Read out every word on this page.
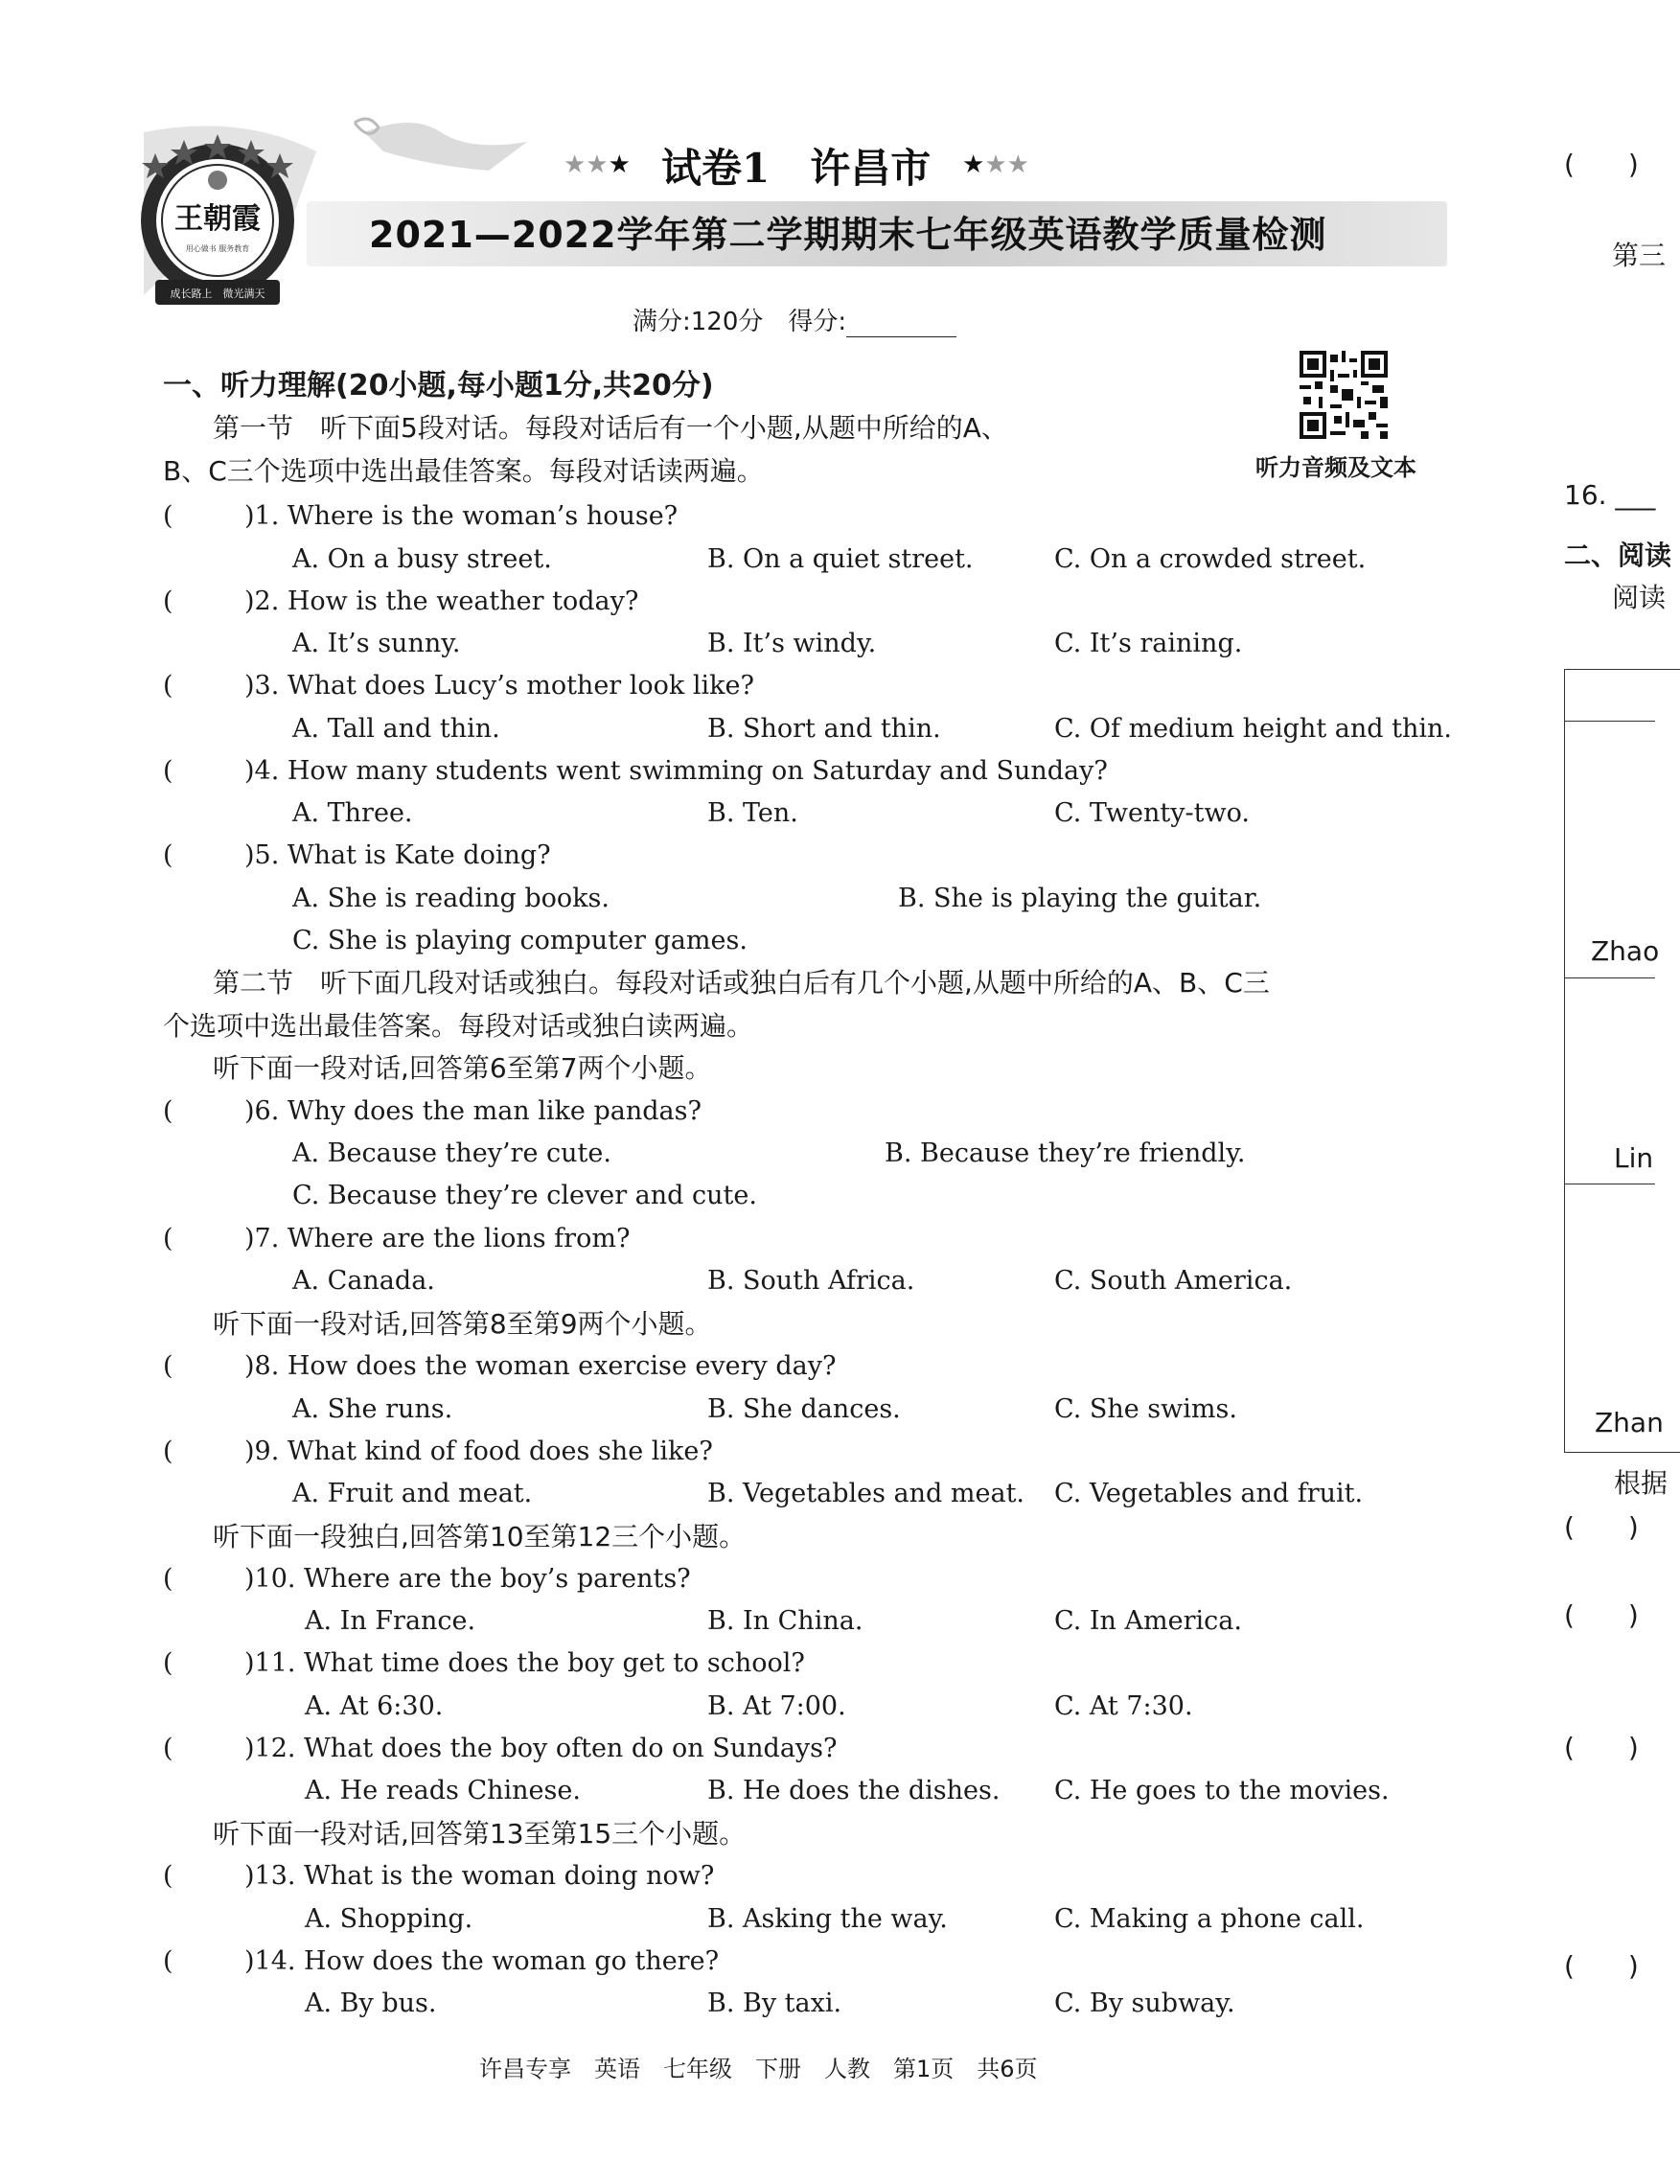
王朝霞
用心做书 服务教育
成长路上　微光满天
★★★ 试卷1　许昌市 ★★★
2021—2022学年第二学期期末七年级英语教学质量检测
满分:120分　得分:
听力音频及文本
一、听力理解(20小题,每小题1分,共20分)
第一节　听下面5段对话。每段对话后有一个小题,从题中所给的A、
B、C三个选项中选出最佳答案。每段对话读两遍。
(	)1. Where is the woman’s house?
A. On a busy street.	B. On a quiet street.	C. On a crowded street.
(	)2. How is the weather today?
A. It’s sunny.	B. It’s windy.	C. It’s raining.
(	)3. What does Lucy’s mother look like?
A. Tall and thin.	B. Short and thin.	C. Of medium height and thin.
(	)4. How many students went swimming on Saturday and Sunday?
A. Three.	B. Ten.	C. Twenty-two.
(	)5. What is Kate doing?
A. She is reading books.	B. She is playing the guitar.
C. She is playing computer games.
第二节　听下面几段对话或独白。每段对话或独白后有几个小题,从题中所给的A、B、C三
个选项中选出最佳答案。每段对话或独白读两遍。
听下面一段对话,回答第6至第7两个小题。
(	)6. Why does the man like pandas?
A. Because they’re cute.	B. Because they’re friendly.
C. Because they’re clever and cute.
(	)7. Where are the lions from?
A. Canada.	B. South Africa.	C. South America.
听下面一段对话,回答第8至第9两个小题。
(	)8. How does the woman exercise every day?
A. She runs.	B. She dances.	C. She swims.
(	)9. What kind of food does she like?
A. Fruit and meat.	B. Vegetables and meat. C. Vegetables and fruit.
听下面一段独白,回答第10至第12三个小题。
(	)10. Where are the boy’s parents?
A. In France.	B. In China.	C. In America.
(	)11. What time does the boy get to school?
A. At 6:30.	B. At 7:00.	C. At 7:30.
(	)12. What does the boy often do on Sundays?
A. He reads Chinese.	B. He does the dishes. C. He goes to the movies.
听下面一段对话,回答第13至第15三个小题。
(	)13. What is the woman doing now?
A. Shopping.	B. Asking the way.	C. Making a phone call.
(	)14. How does the woman go there?
A. By bus.	B. By taxi.	C. By subway.
许昌专享　英语　七年级　下册　人教　第1页　共6页
(　　)
第三
16. ___
二、阅读
阅读
Zhao
Lin
Zhan
根据
(　　)
(　　)
(　　)
(　　)
